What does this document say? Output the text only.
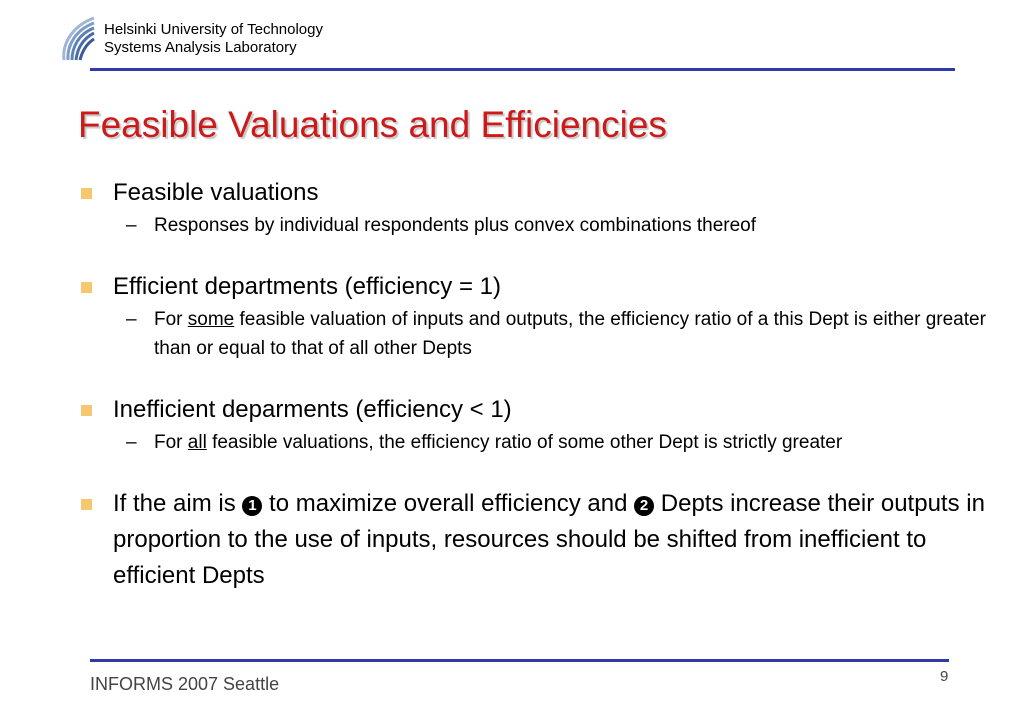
Helsinki University of Technology
Systems Analysis Laboratory
Feasible Valuations and Efficiencies

Feasible valuations

– Responses by individual respondents plus convex combinations thereof

Efficient departments (efficiency = 1)

– For some feasible valuation of inputs and outputs, the efficiency ratio of a this Dept is either greater than or equal to that of all other Depts

Inefficient deparments (efficiency < 1)

– For all feasible valuations, the efficiency ratio of some other Dept is strictly greater

If the aim is 1 to maximize overall efficiency and 2 Depts increase their outputs in proportion to the use of inputs, resources should be shifted from inefficient to efficient Depts

INFORMS 2007 Seattle	9
